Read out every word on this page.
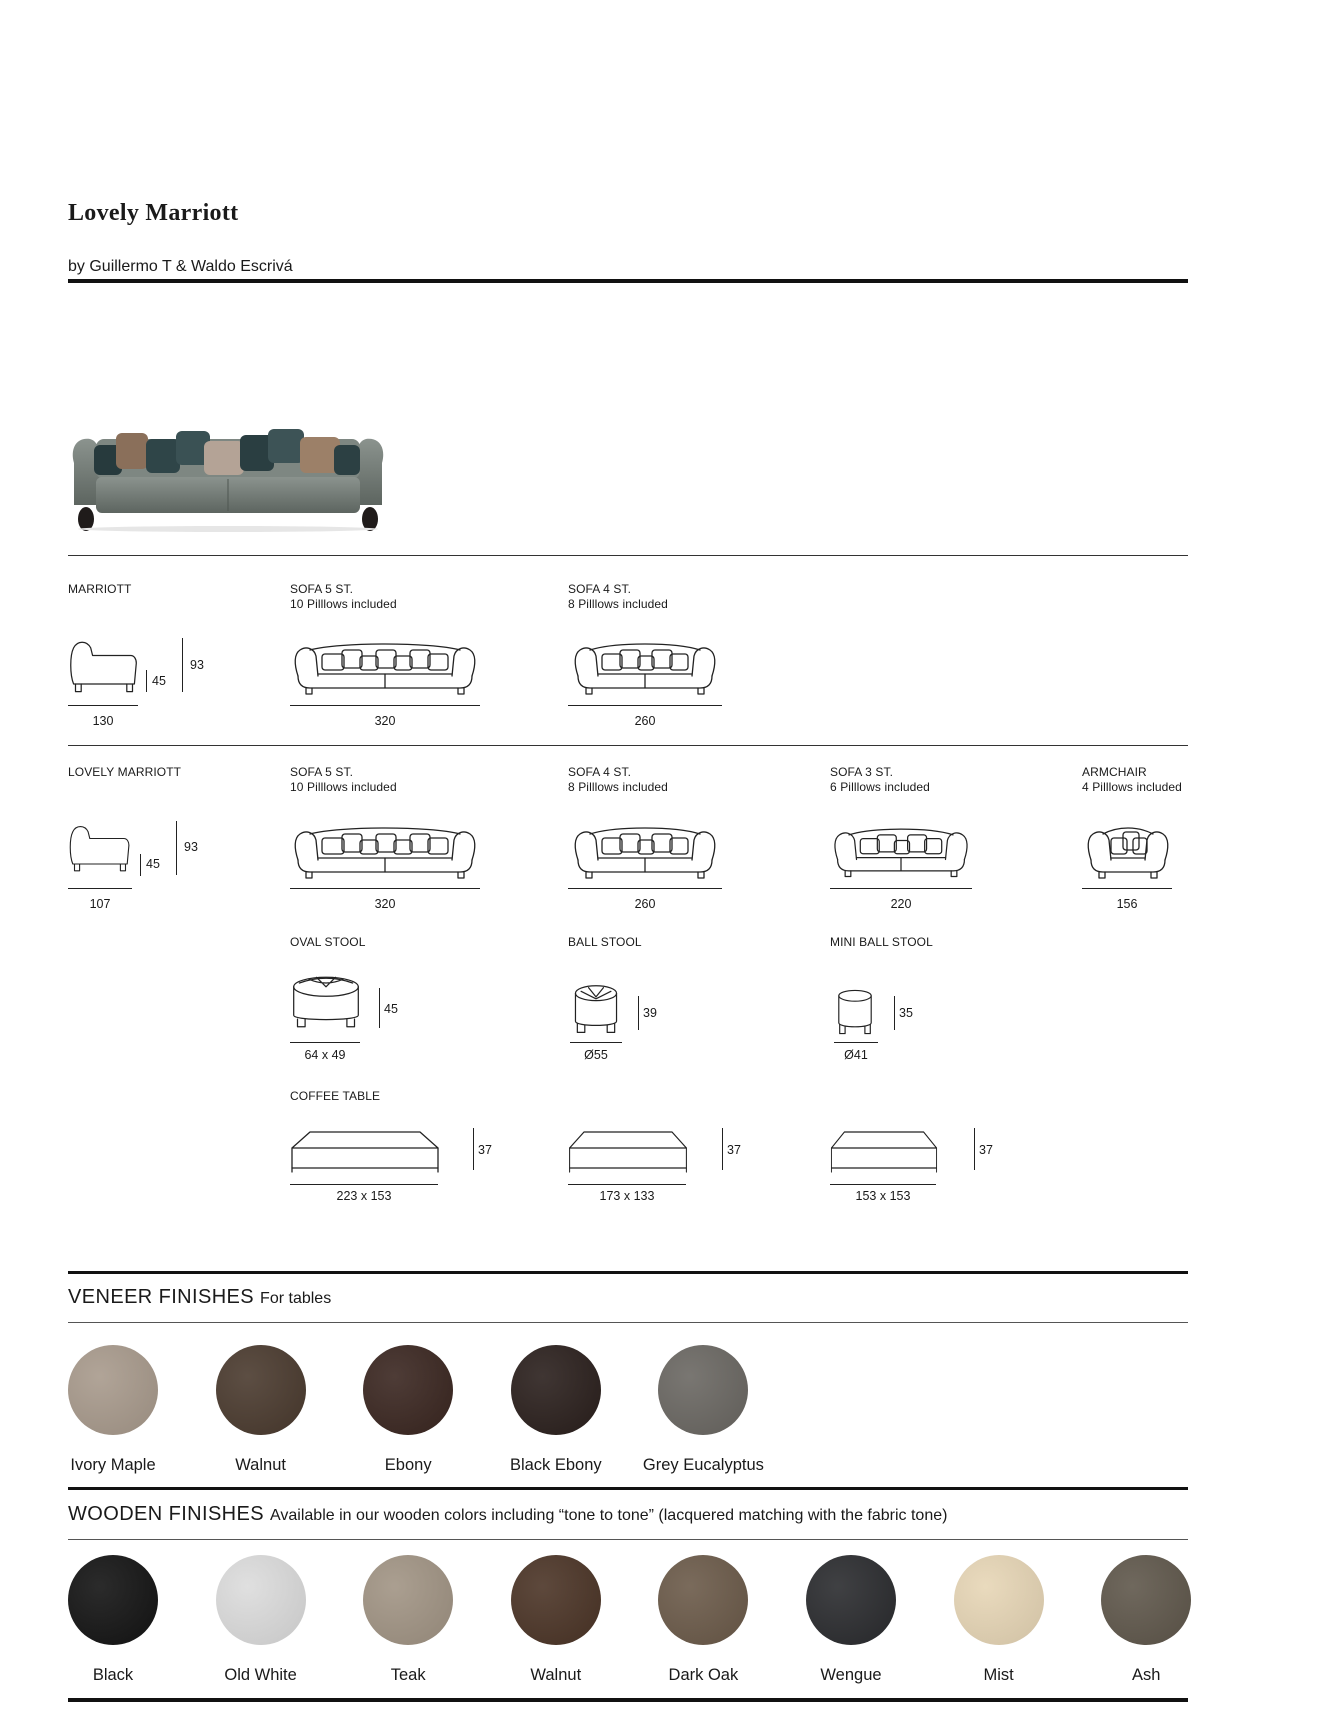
Lovely Marriott
by Guillermo T & Waldo Escrivá
MARRIOTT
130
45
93
SOFA 5 ST.
10 Pilllows included
320
SOFA 4 ST.
8 Pilllows included
260
LOVELY MARRIOTT
107
45
93
SOFA 5 ST.
10 Pilllows included
320
SOFA 4 ST.
8 Pilllows included
260
SOFA 3 ST.
6 Pilllows included
220
ARMCHAIR
4 Pilllows included
156
OVAL STOOL
64 x 49
45
BALL STOOL
Ø55
39
MINI BALL STOOL
Ø41
35
COFFEE TABLE
223 x 153
37
173 x 133
37
153 x 153
37
VENEER FINISHES For tables
Ivory Maple	Walnut	Ebony	Black Ebony	Grey Eucalyptus
WOODEN FINISHES Available in our wooden colors including “tone to tone” (lacquered matching with the fabric tone)
Black	Old White	Teak	Walnut	Dark Oak	Wengue	Mist	Ash
